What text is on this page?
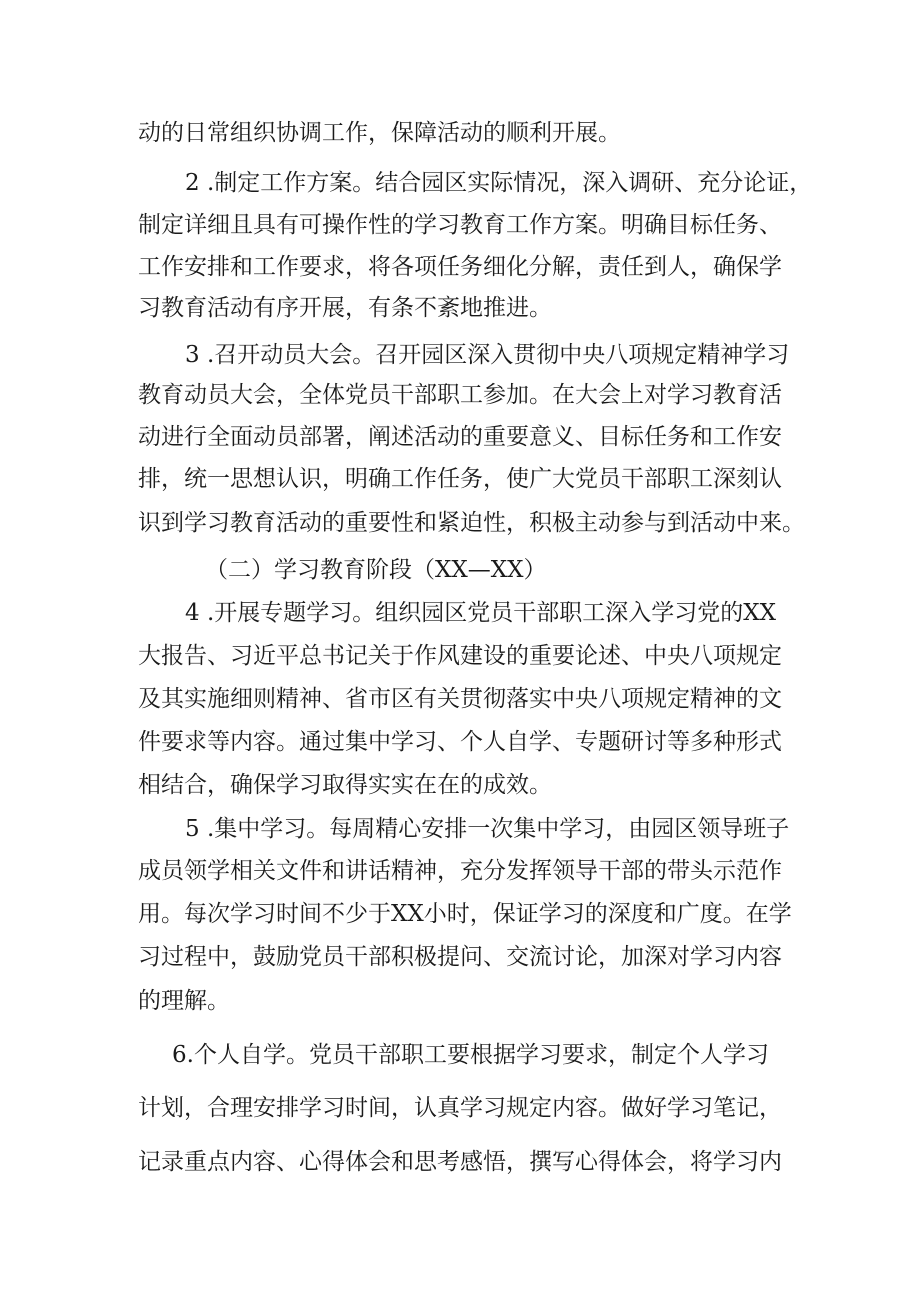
动的日常组织协调工作，保障活动的顺利开展。
2 .制定工作方案。结合园区实际情况，深入调研、充分论证，
制定详细且具有可操作性的学习教育工作方案。明确目标任务、
工作安排和工作要求，将各项任务细化分解，责任到人，确保学
习教育活动有序开展，有条不紊地推进。
3 .召开动员大会。召开园区深入贯彻中央八项规定精神学习
教育动员大会，全体党员干部职工参加。在大会上对学习教育活
动进行全面动员部署，阐述活动的重要意义、目标任务和工作安
排，统一思想认识，明确工作任务，使广大党员干部职工深刻认
识到学习教育活动的重要性和紧迫性，积极主动参与到活动中来。
（二）学习教育阶段（XX—XX）
4 .开展专题学习。组织园区党员干部职工深入学习党的XX
大报告、习近平总书记关于作风建设的重要论述、中央八项规定
及其实施细则精神、省市区有关贯彻落实中央八项规定精神的文
件要求等内容。通过集中学习、个人自学、专题研讨等多种形式
相结合，确保学习取得实实在在的成效。
5 .集中学习。每周精心安排一次集中学习，由园区领导班子
成员领学相关文件和讲话精神，充分发挥领导干部的带头示范作
用。每次学习时间不少于XX小时，保证学习的深度和广度。在学
习过程中，鼓励党员干部积极提问、交流讨论，加深对学习内容
的理解。
6.个人自学。党员干部职工要根据学习要求，制定个人学习
计划，合理安排学习时间，认真学习规定内容。做好学习笔记，
记录重点内容、心得体会和思考感悟，撰写心得体会，将学习内
